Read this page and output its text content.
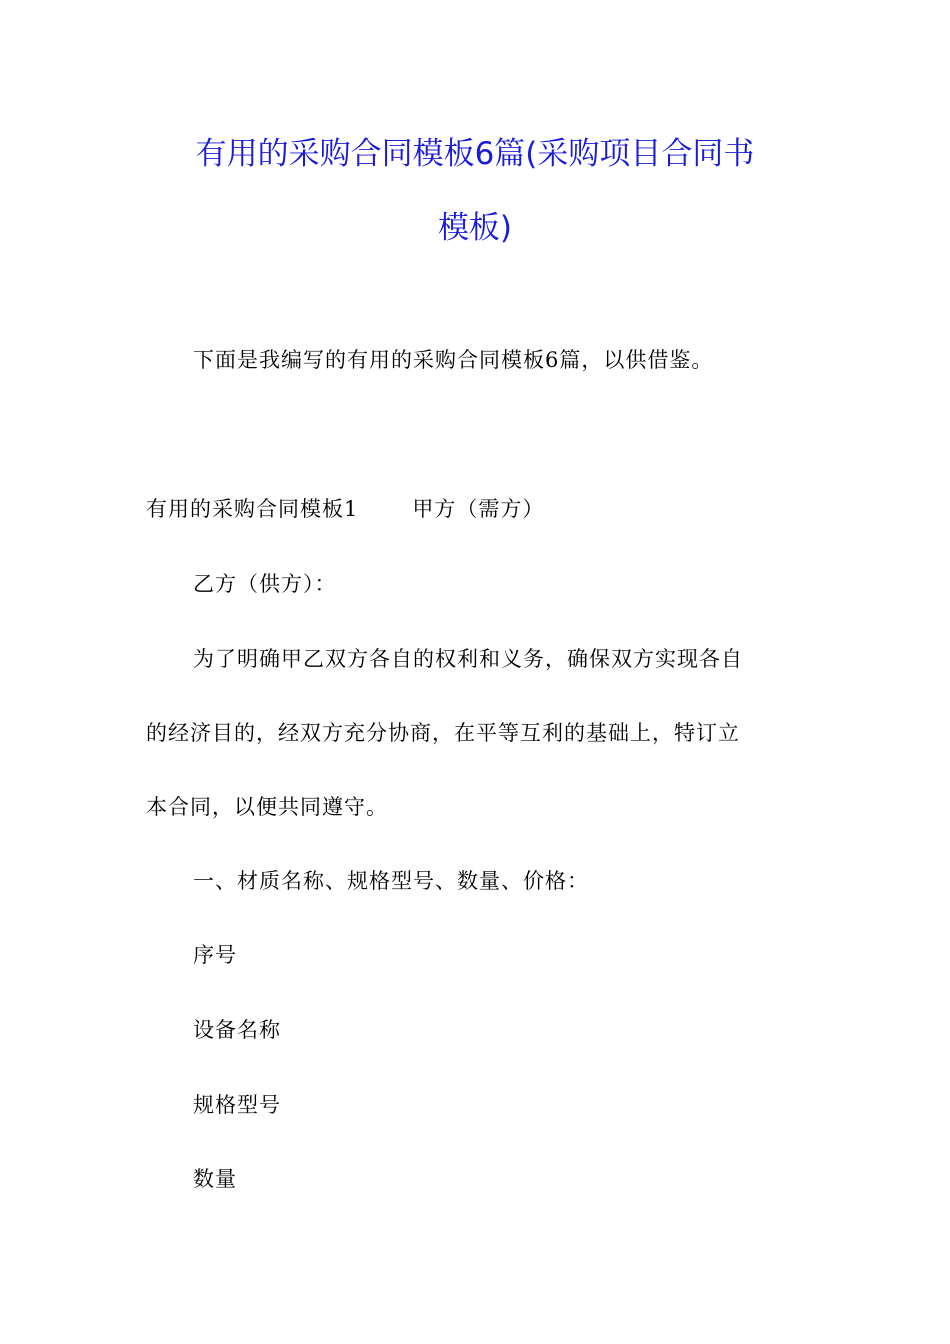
有用的采购合同模板6篇(采购项目合同书
模板)

下面是我编写的有用的采购合同模板6篇，以供借鉴。

有用的采购合同模板1	甲方（需方）

乙方（供方）：

为了明确甲乙双方各自的权利和义务，确保双方实现各自

的经济目的，经双方充分协商，在平等互利的基础上，特订立

本合同，以便共同遵守。

一、材质名称、规格型号、数量、价格：

序号

设备名称

规格型号

数量
